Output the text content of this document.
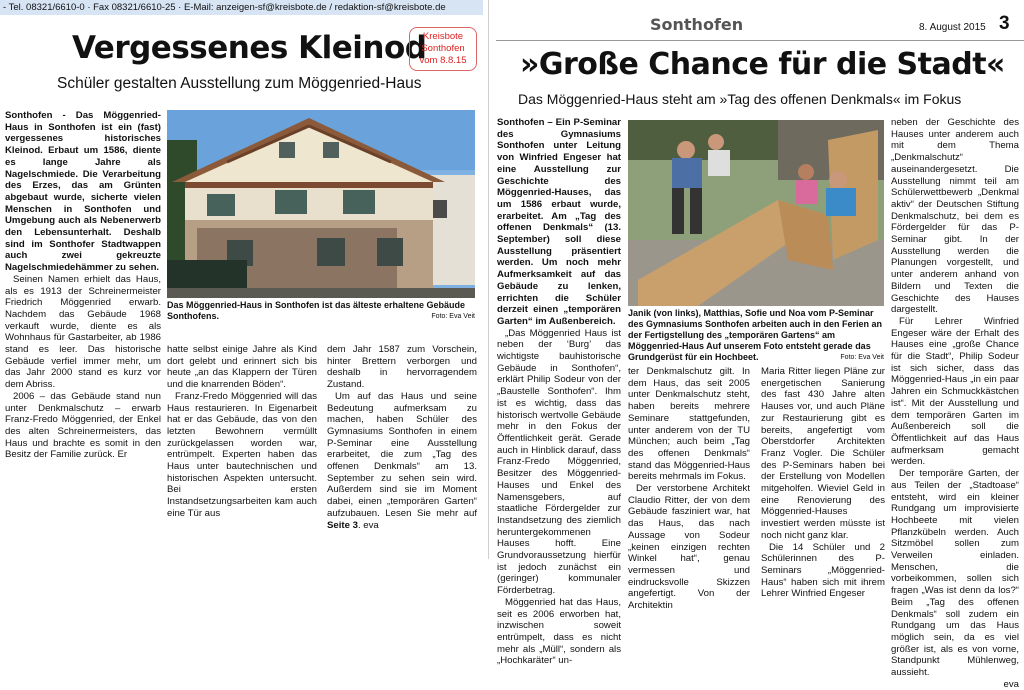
- Tel. 08321/6610-0 · Fax 08321/6610-25 · E-Mail: anzeigen-sf@kreisbote.de / redaktion-sf@kreisbote.de
Vergessenes Kleinod
Kreisbote
Sonthofen
vom 8.8.15
Schüler gestalten Ausstellung zum Möggenried-Haus

Sonthofen - Das Möggenried-Haus in Sonthofen ist ein (fast) vergessenes historisches Kleinod. Erbaut um 1586, diente es lange Jahre als Nagelschmiede. Die Verarbeitung des Erzes, das am Grünten abgebaut wurde, sicherte vielen Menschen in Sonthofen und Umgebung auch als Nebenerwerb den Lebensunterhalt. Deshalb sind im Sonthofer Stadtwappen auch zwei gekreuzte Nagelschmiedehämmer zu sehen.

Seinen Namen erhielt das Haus, als es 1913 der Schreinermeister Friedrich Möggenried erwarb. Nachdem das Gebäude 1968 verkauft wurde, diente es als Wohnhaus für Gastarbeiter, ab 1986 stand es leer. Das historische Gebäude verfiel immer mehr, um das Jahr 2000 stand es kurz vor dem Abriss.

2006 – das Gebäude stand nun unter Denkmalschutz – erwarb Franz-Fredo Möggenried, der Enkel des alten Schreinermeisters, das Haus und brachte es somit in den Besitz der Familie zurück. Er

Das Möggenried-Haus in Sonthofen ist das älteste erhaltene Gebäude Sonthofens.	Foto: Eva Veit

hatte selbst einige Jahre als Kind dort gelebt und erinnert sich bis heute „an das Klappern der Türen und die knarrenden Böden“.

Franz-Fredo Möggenried will das Haus restaurieren. In Eigenarbeit hat er das Gebäude, das von den letzten Bewohnern vermüllt zurückgelassen worden war, entrümpelt. Experten haben das Haus unter bautechnischen und historischen Aspekten untersucht. Bei ersten Instandsetzungsarbeiten kam auch eine Tür aus

dem Jahr 1587 zum Vorschein, hinter Brettern verborgen und deshalb in hervorragendem Zustand.

Um auf das Haus und seine Bedeutung aufmerksam zu machen, haben Schüler des Gymnasiums Sonthofen in einem P-Seminar eine Ausstellung erarbeitet, die zum „Tag des offenen Denkmals“ am 13. September zu sehen sein wird. Außerdem sind sie im Moment dabei, einen „temporären Garten“ aufzubauen. Lesen Sie mehr auf Seite 3. eva

Sonthofen	8. August 2015 3
»Große Chance für die Stadt«
Das Möggenried-Haus steht am »Tag des offenen Denkmals« im Fokus

Sonthofen – Ein P-Seminar des Gymnasiums Sonthofen unter Leitung von Winfried Engeser hat eine Ausstellung zur Geschichte des Möggenried-Hauses, das um 1586 erbaut wurde, erarbeitet. Am „Tag des offenen Denkmals“ (13. September) soll diese Ausstellung präsentiert werden. Um noch mehr Aufmerksamkeit auf das Gebäude zu lenken, errichten die Schüler derzeit einen „temporären Garten“ im Außenbereich.

„Das Möggenried Haus ist neben der ‘Burg’ das wichtigste bauhistorische Gebäude in Sonthofen“, erklärt Philip Sodeur von der „Baustelle Sonthofen“. Ihm ist es wichtig, dass das historisch wertvolle Gebäude mehr in den Fokus der Öffentlichkeit gerät. Gerade auch in Hinblick darauf, dass Franz-Fredo Möggenried, Besitzer des Möggenried-Hauses und Enkel des Namensgebers, auf staatliche Fördergelder zur Instandsetzung des ziemlich heruntergekommenen Hauses hofft. Eine Grundvoraussetzung hierfür ist jedoch zunächst ein (geringer) kommunaler Förderbetrag.

Möggenried hat das Haus, seit es 2006 erworben hat, inzwischen soweit entrümpelt, dass es nicht mehr als „Müll“, sondern als „Hochkaräter“ un-

Janik (von links), Matthias, Sofie und Noa vom P-Seminar des Gymnasiums Sonthofen arbeiten auch in den Ferien an der Fertigstellung des „temporären Gartens“ am Möggenried-Haus Auf unserem Foto entsteht gerade das Grundgerüst für ein Hochbeet.	Foto: Eva Veit

ter Denkmalschutz gilt. In dem Haus, das seit 2005 unter Denkmalschutz steht, haben bereits mehrere Seminare stattgefunden, unter anderem von der TU München; auch beim „Tag des offenen Denkmals“ stand das Möggenried-Haus bereits mehrmals im Fokus.

Der verstorbene Architekt Claudio Ritter, der von dem Gebäude fasziniert war, hat das Haus, das nach Aussage von Sodeur „keinen einzigen rechten Winkel hat“, genau vermessen und eindrucksvolle Skizzen angefertigt. Von der Architektin

Maria Ritter liegen Pläne zur energetischen Sanierung des fast 430 Jahre alten Hauses vor, und auch Pläne zur Restaurierung gibt es bereits, angefertigt vom Oberstdorfer Architekten Franz Vogler. Die Schüler des P-Seminars haben bei der Erstellung von Modellen mitgeholfen. Wieviel Geld in eine Renovierung des Möggenried-Hauses investiert werden müsste ist noch nicht ganz klar.

Die 14 Schüler und 2 Schülerinnen des P-Seminars „Möggenried-Haus“ haben sich mit ihrem Lehrer Winfried Engeser

neben der Geschichte des Hauses unter anderem auch mit dem Thema „Denkmalschutz“ auseinandergesetzt. Die Ausstellung nimmt teil am Schülerwettbewerb „Denkmal aktiv“ der Deutschen Stiftung Denkmalschutz, bei dem es Fördergelder für das P-Seminar gibt. In der Ausstellung werden die Planungen vorgestellt, und unter anderem anhand von Bildern und Texten die Geschichte des Hauses dargestellt.

Für Lehrer Winfried Engeser wäre der Erhalt des Hauses eine „große Chance für die Stadt“, Philip Sodeur ist sich sicher, dass das Möggenried-Haus „in ein paar Jahren ein Schmuckkästchen ist“. Mit der Ausstellung und dem temporären Garten im Außenbereich soll die Öffentlichkeit auf das Haus aufmerksam gemacht werden.

Der temporäre Garten, der aus Teilen der „Stadtoase“ entsteht, wird ein kleiner Rundgang um improvisierte Hochbeete mit vielen Pflanzkübeln werden. Auch Sitzmöbel sollen zum Verweilen einladen. Menschen, die vorbeikommen, sollen sich fragen „Was ist denn da los?“ Beim „Tag des offenen Denkmals“ soll zudem ein Rundgang um das Haus möglich sein, da es viel größer ist, als es von vorne, Standpunkt Mühlenweg, aussieht.

eva
